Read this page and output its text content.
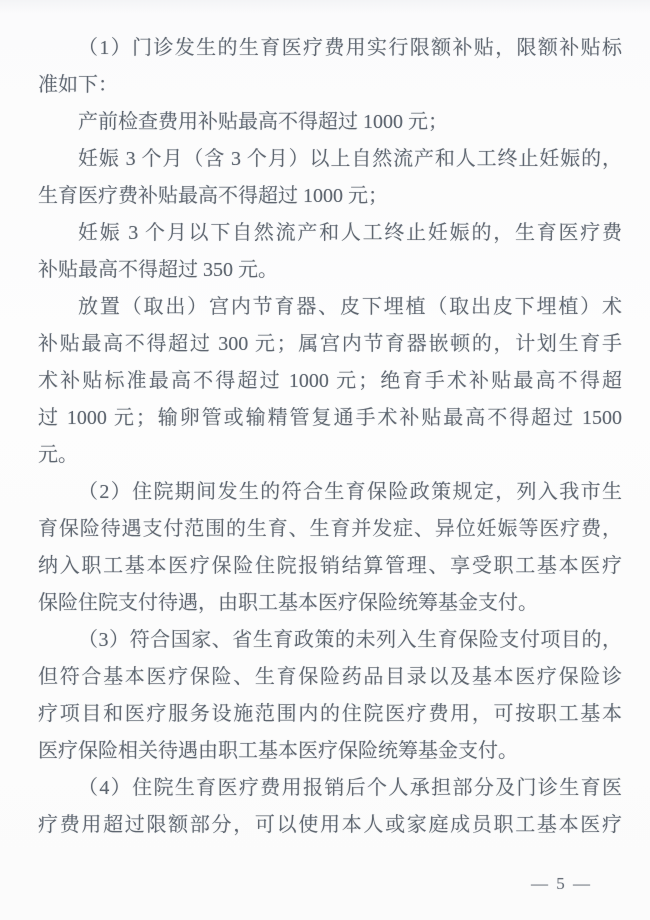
（1）门诊发生的生育医疗费用实行限额补贴，限额补贴标
准如下：
产前检查费用补贴最高不得超过 1000 元；
妊娠 3 个月（含 3 个月）以上自然流产和人工终止妊娠的，
生育医疗费补贴最高不得超过 1000 元；
妊娠 3 个月以下自然流产和人工终止妊娠的，生育医疗费
补贴最高不得超过 350 元。
放置（取出）宫内节育器、皮下埋植（取出皮下埋植）术
补贴最高不得超过 300 元；属宫内节育器嵌顿的，计划生育手
术补贴标准最高不得超过 1000 元；绝育手术补贴最高不得超
过 1000 元；输卵管或输精管复通手术补贴最高不得超过 1500
元。
（2）住院期间发生的符合生育保险政策规定，列入我市生
育保险待遇支付范围的生育、生育并发症、异位妊娠等医疗费，
纳入职工基本医疗保险住院报销结算管理、享受职工基本医疗
保险住院支付待遇，由职工基本医疗保险统筹基金支付。
（3）符合国家、省生育政策的未列入生育保险支付项目的，
但符合基本医疗保险、生育保险药品目录以及基本医疗保险诊
疗项目和医疗服务设施范围内的住院医疗费用，可按职工基本
医疗保险相关待遇由职工基本医疗保险统筹基金支付。
（4）住院生育医疗费用报销后个人承担部分及门诊生育医
疗费用超过限额部分，可以使用本人或家庭成员职工基本医疗
— 5 —
